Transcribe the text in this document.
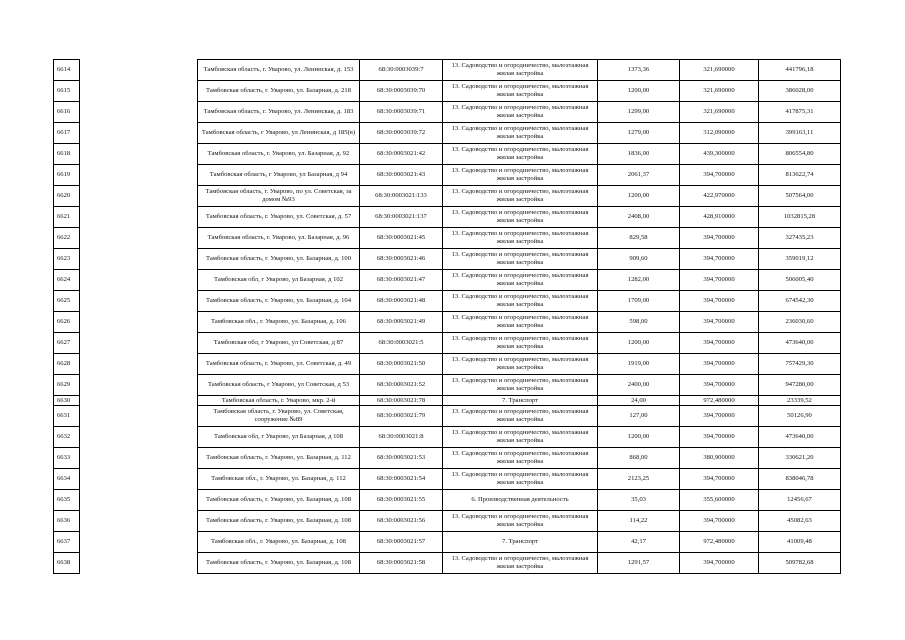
6614		Тамбовская область, г. Уварово, ул. Ленинская, д. 153	68:30:0003039:7	13. Садоводство и огородничество, малоэтажная жилая застройка	1373,36	321,690000	441796,18
6615		Тамбовская область, г. Уварово, ул. Базарная, д. 218	68:30:0003039:70	13. Садоводство и огородничество, малоэтажная жилая застройка	1200,00	321,690000	386028,00
6616		Тамбовская область, г. Уварово, ул. Ленинская, д. 183	68:30:0003039:71	13. Садоводство и огородничество, малоэтажная жилая застройка	1299,00	321,690000	417875,31
6617		Тамбовская область, г Уварово, ул Ленинская, д 185(в)	68:30:0003039:72	13. Садоводство и огородничество, малоэтажная жилая застройка	1279,00	312,090000	399163,11
6618		Тамбовская область, г. Уварово, ул. Базарная, д. 92	68:30:0003021:42	13. Садоводство и огородничество, малоэтажная жилая застройка	1836,00	439,300000	806554,80
6619		Тамбовская область, г Уварово, ул Базарная, д 94	68:30:0003021:43	13. Садоводство и огородничество, малоэтажная жилая застройка	2061,37	394,700000	813622,74
6620		Тамбовская область, г. Уварово, по ул. Советская, за домом №93	68:30:0003021:133	13. Садоводство и огородничество, малоэтажная жилая застройка	1200,00	422,970000	507564,00
6621		Тамбовская область, г. Уварово, ул. Советская, д. 57	68:30:0003021:137	13. Садоводство и огородничество, малоэтажная жилая застройка	2408,00	428,910000	1032815,28
6622		Тамбовская область, г. Уварово, ул. Базарная, д. 96	68:30:0003021:45	13. Садоводство и огородничество, малоэтажная жилая застройка	829,58	394,700000	327435,23
6623		Тамбовская область, г. Уварово, ул. Базарная, д. 100	68:30:0003021:46	13. Садоводство и огородничество, малоэтажная жилая застройка	909,60	394,700000	359019,12
6624		Тамбовская обл, г Уварово, ул Базарная, д 102	68:30:0003021:47	13. Садоводство и огородничество, малоэтажная жилая застройка	1282,00	394,700000	506005,40
6625		Тамбовская область, г. Уварово, ул. Базарная, д. 104	68:30:0003021:48	13. Садоводство и огородничество, малоэтажная жилая застройка	1709,00	394,700000	674542,30
6626		Тамбовская обл., г. Уварово, ул. Базарная, д. 106	68:30:0003021:49	13. Садоводство и огородничество, малоэтажная жилая застройка	598,00	394,700000	236030,60
6627		Тамбовская обл, г Уварово, ул Советская, д 87	68:30:0003021:5	13. Садоводство и огородничество, малоэтажная жилая застройка	1200,00	394,700000	473640,00
6628		Тамбовская область, г. Уварово, ул. Советская, д. 49	68:30:0003021:50	13. Садоводство и огородничество, малоэтажная жилая застройка	1919,00	394,700000	757429,30
6629		Тамбовская область, г Уварово, ул Советская, д 53	68:30:0003021:52	13. Садоводство и огородничество, малоэтажная жилая застройка	2400,00	394,700000	947280,00
6630		Тамбовская область, г. Уварово, мкр. 2-й	68:30:0003021:78	7. Транспорт	24,00	972,480000	23339,52
6631		Тамбовская область, г. Уварово, ул. Советская, сооружение №89	68:30:0003021:79	13. Садоводство и огородничество, малоэтажная жилая застройка	127,00	394,700000	50126,90
6632		Тамбовская обл, г Уварово, ул Базарная, д 108	68:30:0003021:8	13. Садоводство и огородничество, малоэтажная жилая застройка	1200,00	394,700000	473640,00
6633		Тамбовская область, г. Уварово, ул. Базарная, д. 112	68:30:0003021:53	13. Садоводство и огородничество, малоэтажная жилая застройка	868,00	380,900000	330621,20
6634		Тамбовская обл., г. Уварово, ул. Базарная, д. 112	68:30:0003021:54	13. Садоводство и огородничество, малоэтажная жилая застройка	2123,25	394,700000	838046,78
6635		Тамбовская область, г. Уварово, ул. Базарная, д. 108	68:30:0003021:55	6. Производственная деятельность	35,03	355,600000	12456,67
6636		Тамбовская область, г. Уварово, ул. Базарная, д. 108	68:30:0003021:56	13. Садоводство и огородничество, малоэтажная жилая застройка	114,22	394,700000	45082,63
6637		Тамбовская обл., г. Уварово, ул. Базарная, д. 108	68:30:0003021:57	7. Транспорт	42,17	972,480000	41009,48
6638		Тамбовская область, г. Уварово, ул. Базарная, д. 108	68:30:0003021:58	13. Садоводство и огородничество, малоэтажная жилая застройка	1291,57	394,700000	509782,68
